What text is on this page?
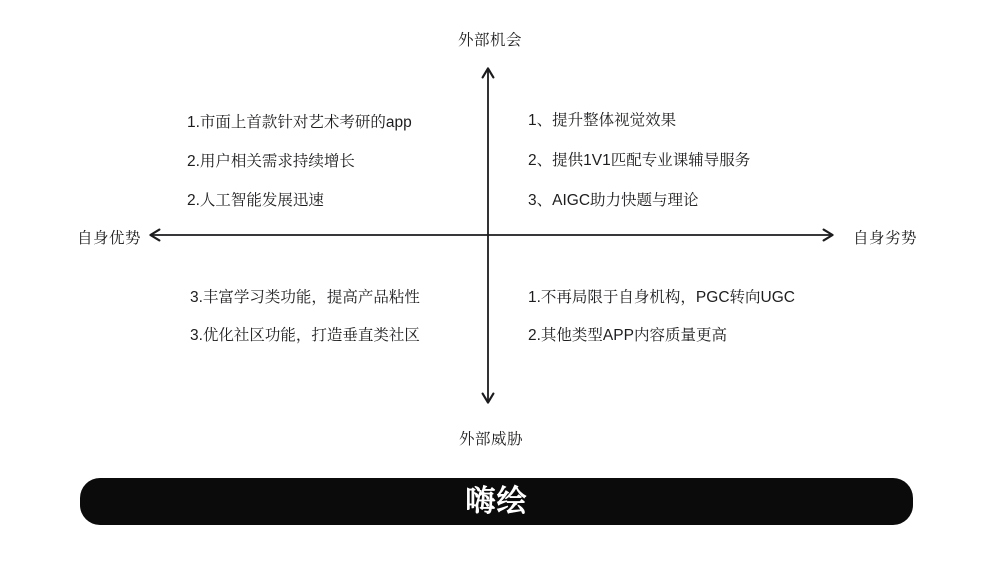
外部机会
外部威胁
自身优势	自身劣势
1.市面上首款针对艺术考研的app
2.用户相关需求持续增长
2.人工智能发展迅速
1、提升整体视觉效果
2、提供1V1匹配专业课辅导服务
3、AIGC助力快题与理论
3.丰富学习类功能，提高产品粘性
3.优化社区功能，打造垂直类社区
1.不再局限于自身机构，PGC转向UGC
2.其他类型APP内容质量更高
嗨绘
